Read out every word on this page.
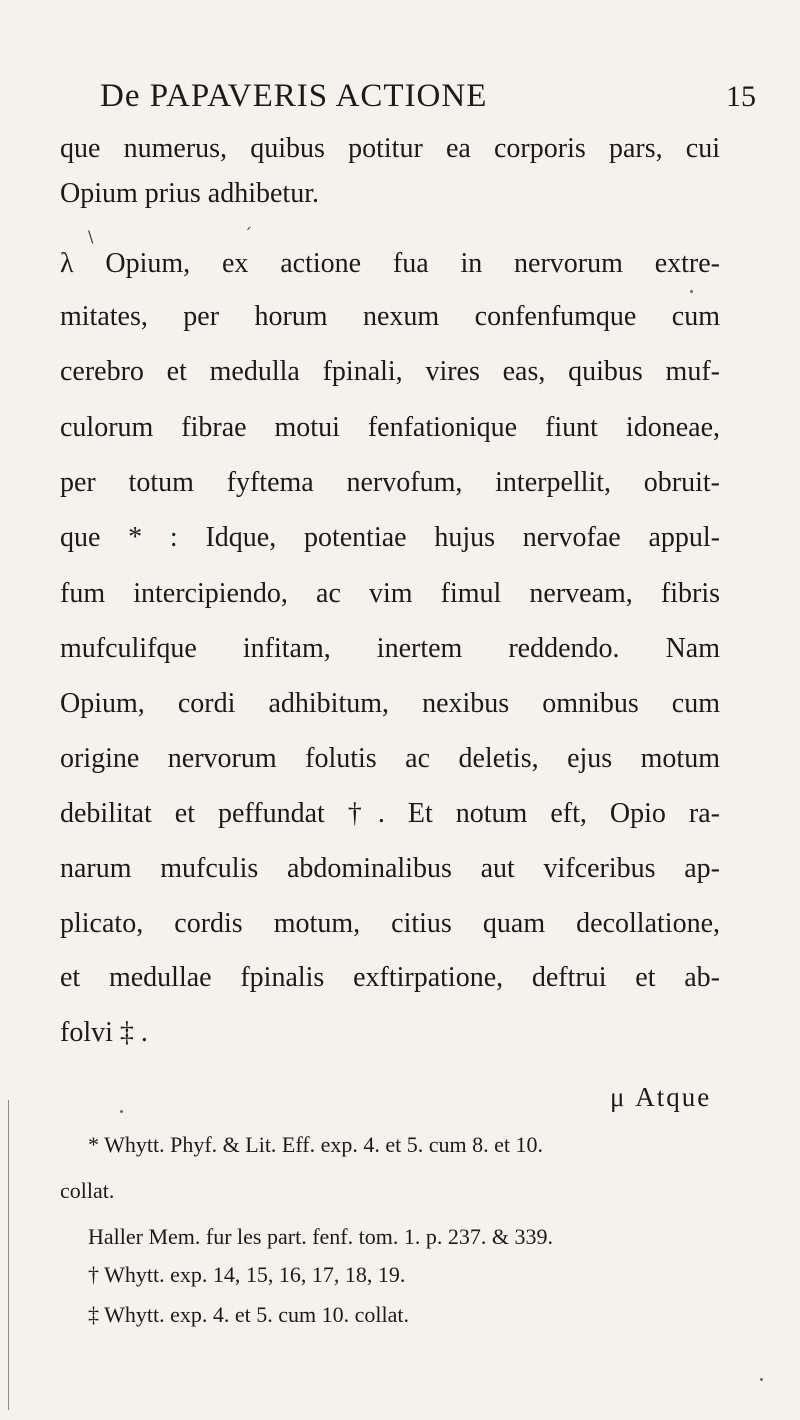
De PAPAVERIS ACTIONE	15
que numerus, quibus potitur ea corporis pars, cui
Opium prius adhibetur.
\	´
λ Opium, ex actione fua in nervorum extre-
mitates, per horum nexum confenfumque cum
cerebro et medulla fpinali, vires eas, quibus muf-
culorum fibrae motui fenfationique fiunt idoneae,
per totum fyftema nervofum, interpellit, obruit-
que * : Idque, potentiae hujus nervofae appul-
fum intercipiendo, ac vim fimul nerveam, fibris
mufculifque infitam, inertem reddendo. Nam
Opium, cordi adhibitum, nexibus omnibus cum
origine nervorum folutis ac deletis, ejus motum
debilitat et peffundat †. Et notum eft, Opio ra-
narum mufculis abdominalibus aut vifceribus ap-
plicato, cordis motum, citius quam decollatione,
et medullae fpinalis exftirpatione, deftrui et ab-
folvi ‡ .
μ Atque
* Whytt. Phyf. & Lit. Eff. exp. 4. et 5. cum 8. et 10.
collat.
Haller Mem. fur les part. fenf. tom. 1. p. 237. & 339.
† Whytt. exp. 14, 15, 16, 17, 18, 19.
‡ Whytt. exp. 4. et 5. cum 10. collat.
